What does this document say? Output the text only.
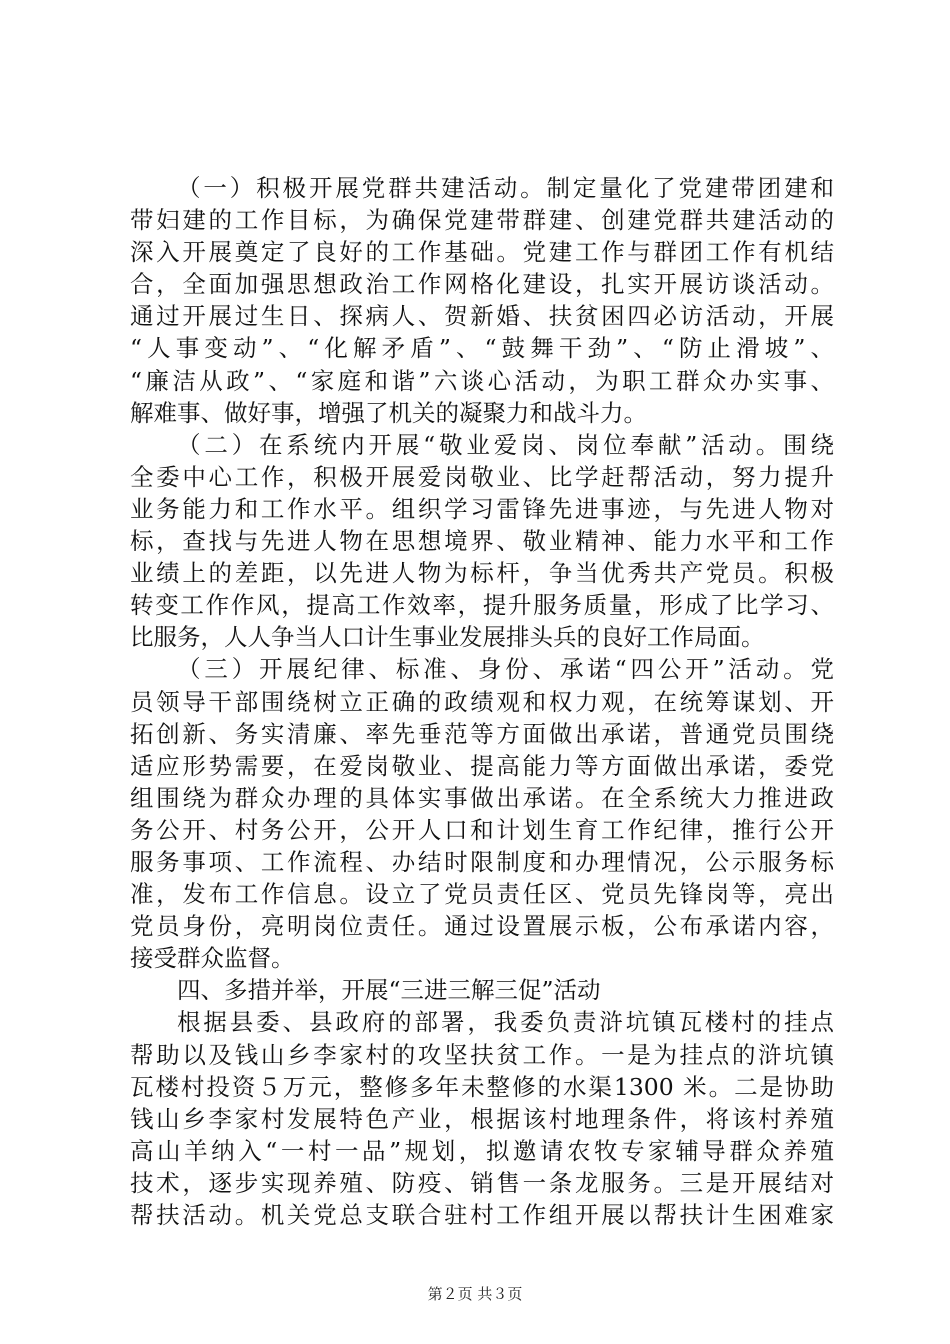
（一）积极开展党群共建活动。制定量化了党建带团建和
带妇建的工作目标，为确保党建带群建、创建党群共建活动的
深入开展奠定了良好的工作基础。党建工作与群团工作有机结
合，全面加强思想政治工作网格化建设，扎实开展访谈活动。
通过开展过生日、探病人、贺新婚、扶贫困四必访活动，开展
“人事变动”、“化解矛盾”、“鼓舞干劲”、“防止滑坡”、
“廉洁从政”、“家庭和谐”六谈心活动，为职工群众办实事、
解难事、做好事，增强了机关的凝聚力和战斗力。
（二）在系统内开展“敬业爱岗、岗位奉献”活动。围绕
全委中心工作，积极开展爱岗敬业、比学赶帮活动，努力提升
业务能力和工作水平。组织学习雷锋先进事迹，与先进人物对
标，查找与先进人物在思想境界、敬业精神、能力水平和工作
业绩上的差距，以先进人物为标杆，争当优秀共产党员。积极
转变工作作风，提高工作效率，提升服务质量，形成了比学习、
比服务，人人争当人口计生事业发展排头兵的良好工作局面。
（三）开展纪律、标准、身份、承诺“四公开”活动。党
员领导干部围绕树立正确的政绩观和权力观，在统筹谋划、开
拓创新、务实清廉、率先垂范等方面做出承诺，普通党员围绕
适应形势需要，在爱岗敬业、提高能力等方面做出承诺，委党
组围绕为群众办理的具体实事做出承诺。在全系统大力推进政
务公开、村务公开，公开人口和计划生育工作纪律，推行公开
服务事项、工作流程、办结时限制度和办理情况，公示服务标
准，发布工作信息。设立了党员责任区、党员先锋岗等，亮出
党员身份，亮明岗位责任。通过设置展示板，公布承诺内容，
接受群众监督。
四、多措并举，开展“三进三解三促”活动
根据县委、县政府的部署，我委负责浒坑镇瓦楼村的挂点
帮助以及钱山乡李家村的攻坚扶贫工作。一是为挂点的浒坑镇
瓦楼村投资５万元，整修多年未整修的水渠1300 米。二是协助
钱山乡李家村发展特色产业，根据该村地理条件，将该村养殖
高山羊纳入“一村一品”规划，拟邀请农牧专家辅导群众养殖
技术，逐步实现养殖、防疫、销售一条龙服务。三是开展结对
帮扶活动。机关党总支联合驻村工作组开展以帮扶计生困难家
第２页 共３页
